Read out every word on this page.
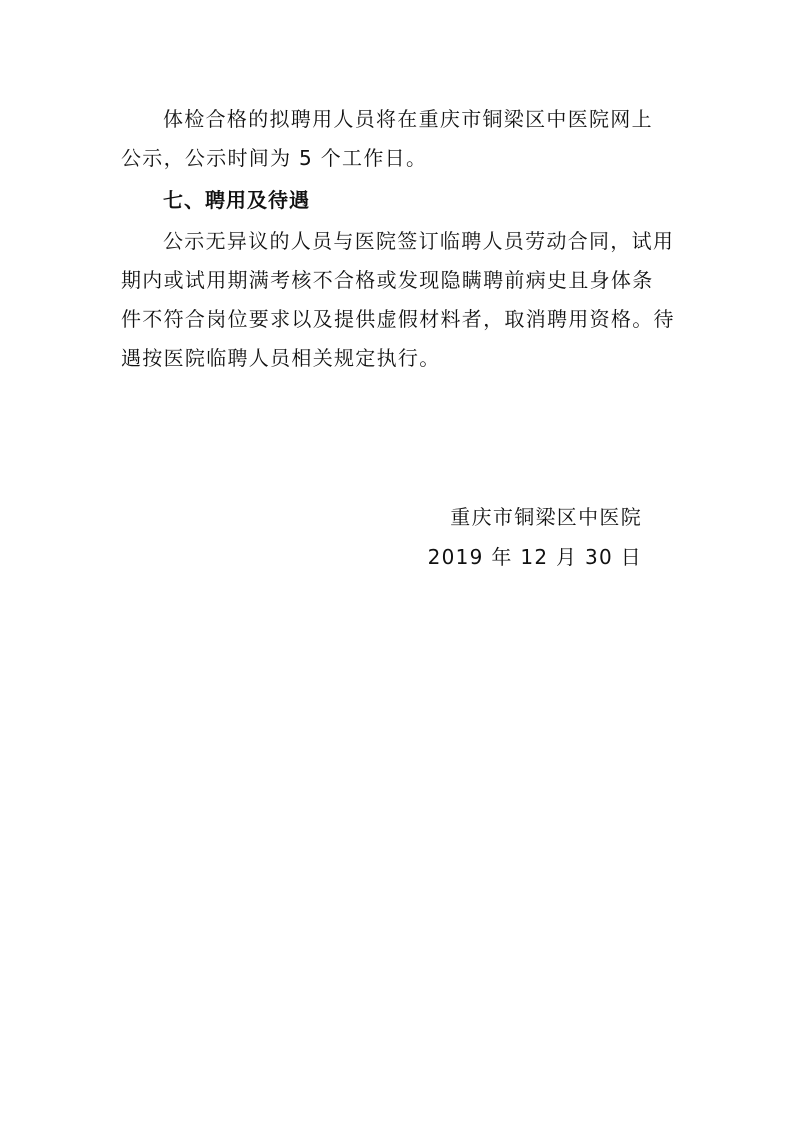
体检合格的拟聘用人员将在重庆市铜梁区中医院网上
公示，公示时间为 5 个工作日。
七、聘用及待遇
公示无异议的人员与医院签订临聘人员劳动合同，试用
期内或试用期满考核不合格或发现隐瞒聘前病史且身体条
件不符合岗位要求以及提供虚假材料者，取消聘用资格。待
遇按医院临聘人员相关规定执行。
重庆市铜梁区中医院
2019 年 12 月 30 日
